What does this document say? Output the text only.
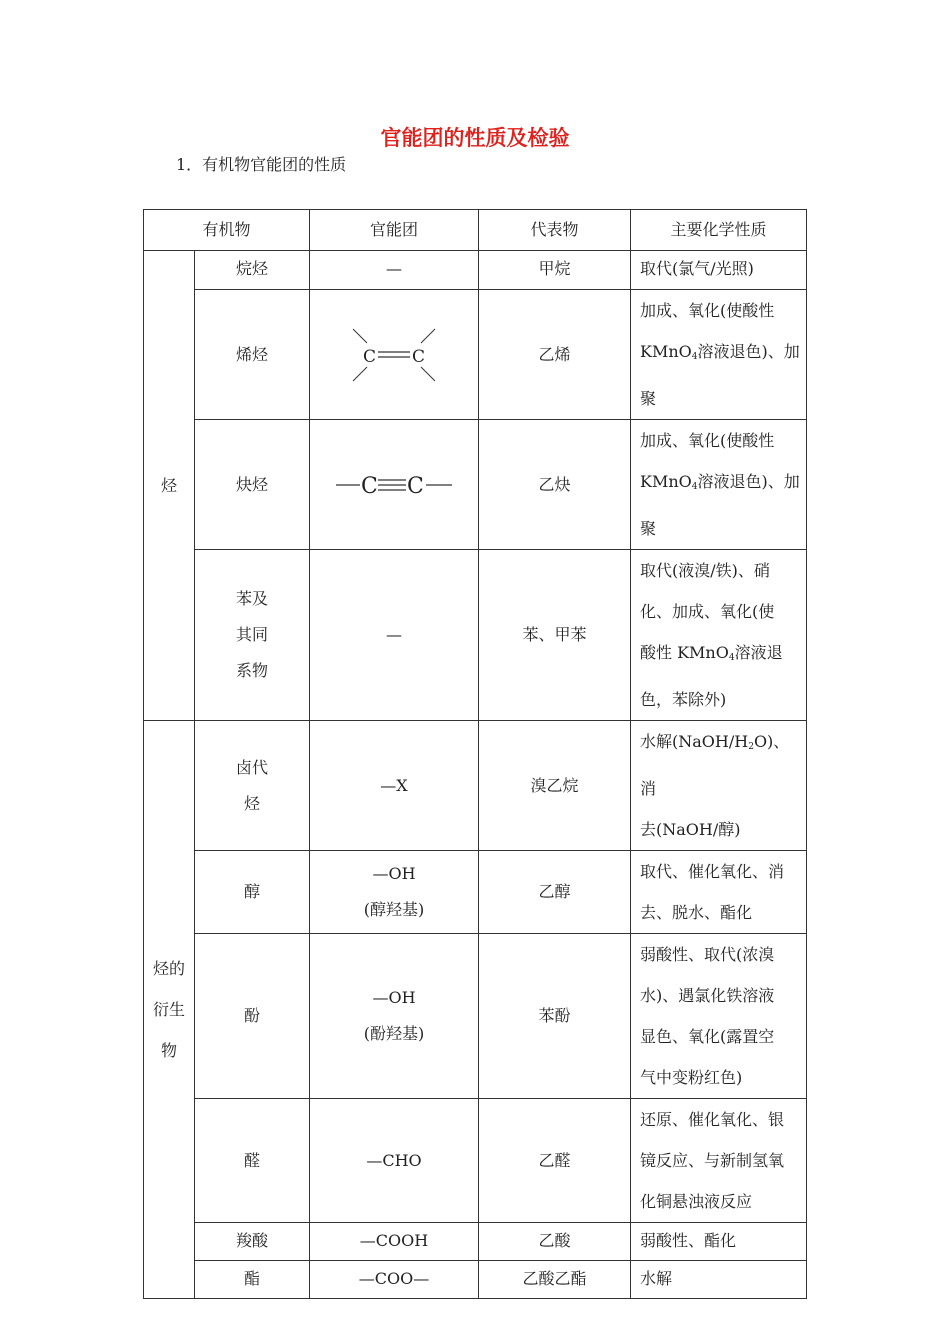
官能团的性质及检验
1．有机物官能团的性质
有机物		官能团	代表物	主要化学性质
烃	烷烃	—	甲烷	取代(氯气/光照)
	烯烃	C C	乙烯	加成、氧化(使酸性
KMnO$_4$溶液退色)、加
聚
	炔烃	C C	乙炔	加成、氧化(使酸性
KMnO$_4$溶液退色)、加
聚
	苯及
其同
系物	—	苯、甲苯	取代(液溴/铁)、硝
化、加成、氧化(使
酸性 KMnO$_4$溶液退
色，苯除外)
烃的
衍生
物	卤代
烃	—X	溴乙烷	水解$(NaOH/H_2O)$、消
去(NaOH/醇)
	醇	—OH
(醇羟基)	乙醇	取代、催化氧化、消
去、脱水、酯化
	酚	—OH
(酚羟基)	苯酚	弱酸性、取代(浓溴
水)、遇氯化铁溶液
显色、氧化(露置空
气中变粉红色)
	醛	—CHO	乙醛	还原、催化氧化、银
镜反应、与新制氢氧
化铜悬浊液反应
	羧酸	—COOH	乙酸	弱酸性、酯化
	酯	—COO—	乙酸乙酯	水解
